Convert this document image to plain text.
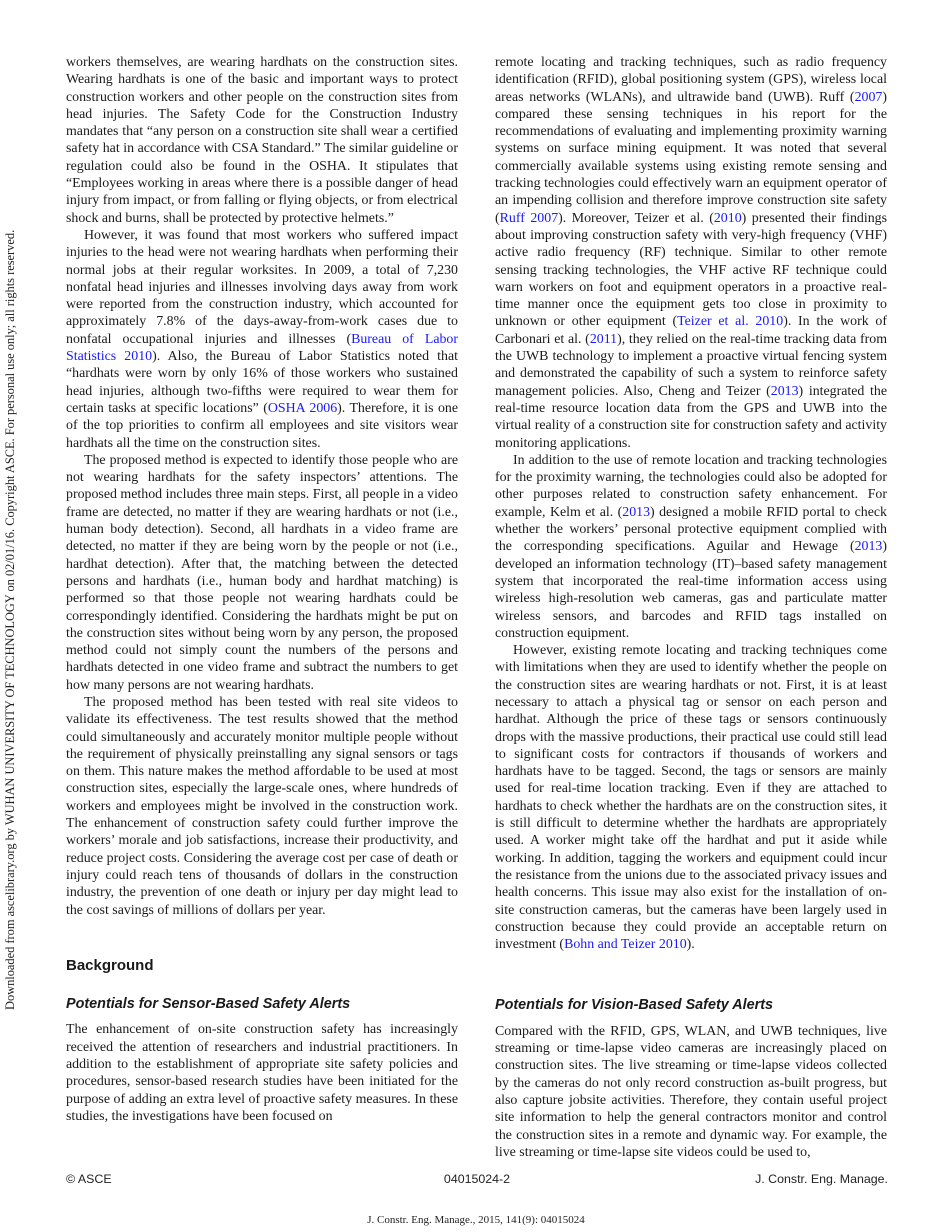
Downloaded from ascelibrary.org by WUHAN UNIVERSITY OF TECHNOLOGY on 02/01/16. Copyright ASCE. For personal use only; all rights reserved.

workers themselves, are wearing hardhats on the construction sites. Wearing hardhats is one of the basic and important ways to protect construction workers and other people on the construction sites from head injuries. The Safety Code for the Construction Industry mandates that “any person on a construction site shall wear a certified safety hat in accordance with CSA Standard.” The similar guideline or regulation could also be found in the OSHA. It stipulates that “Employees working in areas where there is a possible danger of head injury from impact, or from falling or flying objects, or from electrical shock and burns, shall be protected by protective helmets.”

However, it was found that most workers who suffered impact injuries to the head were not wearing hardhats when performing their normal jobs at their regular worksites. In 2009, a total of 7,230 nonfatal head injuries and illnesses involving days away from work were reported from the construction industry, which accounted for approximately 7.8% of the days-away-from-work cases due to nonfatal occupational injuries and illnesses (Bureau of Labor Statistics 2010). Also, the Bureau of Labor Statistics noted that “hardhats were worn by only 16% of those workers who sustained head injuries, although two-fifths were required to wear them for certain tasks at specific locations” (OSHA 2006). Therefore, it is one of the top priorities to confirm all employees and site visitors wear hardhats all the time on the construction sites.

The proposed method is expected to identify those people who are not wearing hardhats for the safety inspectors’ attentions. The proposed method includes three main steps. First, all people in a video frame are detected, no matter if they are wearing hardhats or not (i.e., human body detection). Second, all hardhats in a video frame are detected, no matter if they are being worn by the people or not (i.e., hardhat detection). After that, the matching between the detected persons and hardhats (i.e., human body and hardhat matching) is performed so that those people not wearing hardhats could be correspondingly identified. Considering the hardhats might be put on the construction sites without being worn by any person, the proposed method could not simply count the numbers of the persons and hardhats detected in one video frame and subtract the numbers to get how many persons are not wearing hardhats.

The proposed method has been tested with real site videos to validate its effectiveness. The test results showed that the method could simultaneously and accurately monitor multiple people without the requirement of physically preinstalling any signal sensors or tags on them. This nature makes the method affordable to be used at most construction sites, especially the large-scale ones, where hundreds of workers and employees might be involved in the construction work. The enhancement of construction safety could further improve the workers’ morale and job satisfactions, increase their productivity, and reduce project costs. Considering the average cost per case of death or injury could reach tens of thousands of dollars in the construction industry, the prevention of one death or injury per day might lead to the cost savings of millions of dollars per year.

Background

Potentials for Sensor-Based Safety Alerts

The enhancement of on-site construction safety has increasingly received the attention of researchers and industrial practitioners. In addition to the establishment of appropriate site safety policies and procedures, sensor-based research studies have been initiated for the purpose of adding an extra level of proactive safety measures. In these studies, the investigations have been focused on

remote locating and tracking techniques, such as radio frequency identification (RFID), global positioning system (GPS), wireless local areas networks (WLANs), and ultrawide band (UWB). Ruff (2007) compared these sensing techniques in his report for the recommendations of evaluating and implementing proximity warning systems on surface mining equipment. It was noted that several commercially available systems using existing remote sensing and tracking technologies could effectively warn an equipment operator of an impending collision and therefore improve construction site safety (Ruff 2007). Moreover, Teizer et al. (2010) presented their findings about improving construction safety with very-high frequency (VHF) active radio frequency (RF) technique. Similar to other remote sensing tracking technologies, the VHF active RF technique could warn workers on foot and equipment operators in a proactive real-time manner once the equipment gets too close in proximity to unknown or other equipment (Teizer et al. 2010). In the work of Carbonari et al. (2011), they relied on the real-time tracking data from the UWB technology to implement a proactive virtual fencing system and demonstrated the capability of such a system to reinforce safety management policies. Also, Cheng and Teizer (2013) integrated the real-time resource location data from the GPS and UWB into the virtual reality of a construction site for construction safety and activity monitoring applications.

In addition to the use of remote location and tracking technologies for the proximity warning, the technologies could also be adopted for other purposes related to construction safety enhancement. For example, Kelm et al. (2013) designed a mobile RFID portal to check whether the workers’ personal protective equipment complied with the corresponding specifications. Aguilar and Hewage (2013) developed an information technology (IT)–based safety management system that incorporated the real-time information access using wireless high-resolution web cameras, gas and particulate matter wireless sensors, and barcodes and RFID tags installed on construction equipment.

However, existing remote locating and tracking techniques come with limitations when they are used to identify whether the people on the construction sites are wearing hardhats or not. First, it is at least necessary to attach a physical tag or sensor on each person and hardhat. Although the price of these tags or sensors continuously drops with the massive productions, their practical use could still lead to significant costs for contractors if thousands of workers and hardhats have to be tagged. Second, the tags or sensors are mainly used for real-time location tracking. Even if they are attached to hardhats to check whether the hardhats are on the construction sites, it is still difficult to determine whether the hardhats are appropriately used. A worker might take off the hardhat and put it aside while working. In addition, tagging the workers and equipment could incur the resistance from the unions due to the associated privacy issues and health concerns. This issue may also exist for the installation of on-site construction cameras, but the cameras have been largely used in construction because they could provide an acceptable return on investment (Bohn and Teizer 2010).

Potentials for Vision-Based Safety Alerts

Compared with the RFID, GPS, WLAN, and UWB techniques, live streaming or time-lapse video cameras are increasingly placed on construction sites. The live streaming or time-lapse videos collected by the cameras do not only record construction as-built progress, but also capture jobsite activities. Therefore, they contain useful project site information to help the general contractors monitor and control the construction sites in a remote and dynamic way. For example, the live streaming or time-lapse site videos could be used to,

© ASCE	04015024-2	J. Constr. Eng. Manage.
J. Constr. Eng. Manage., 2015, 141(9): 04015024
